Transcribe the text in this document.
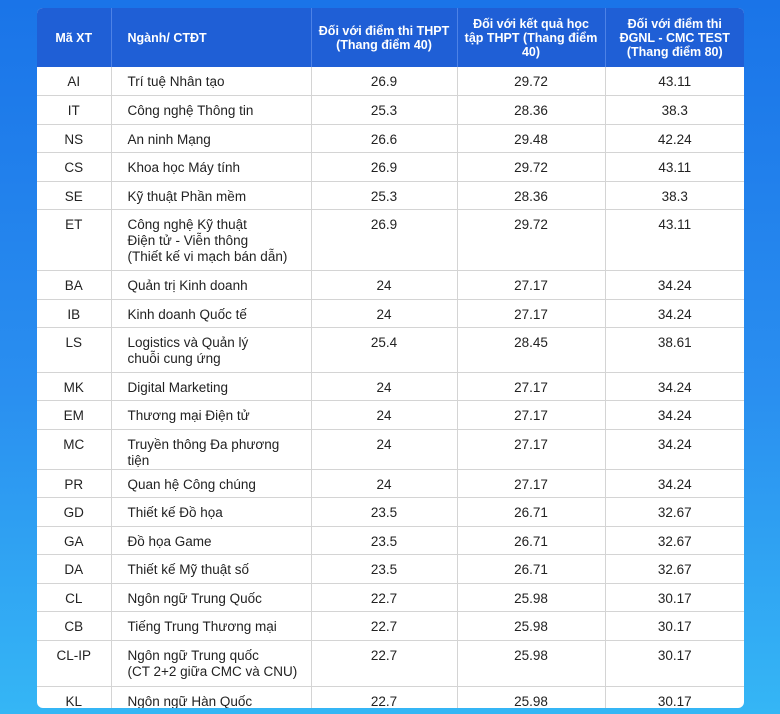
Mã XT	Ngành/ CTĐT	Đối với điểm thi THPT (Thang điểm 40)	Đối với kết quả học tập THPT (Thang điểm 40)	Đối với điểm thi ĐGNL - CMC TEST (Thang điểm 80)
AI	Trí tuệ Nhân tạo	26.9	29.72	43.11
IT	Công nghệ Thông tin	25.3	28.36	38.3
NS	An ninh Mạng	26.6	29.48	42.24
CS	Khoa học Máy tính	26.9	29.72	43.11
SE	Kỹ thuật Phần mềm	25.3	28.36	38.3
ET	Công nghệ Kỹ thuật
Điện tử - Viễn thông
(Thiết kế vi mạch bán dẫn)	26.9	29.72	43.11
BA	Quản trị Kinh doanh	24	27.17	34.24
IB	Kinh doanh Quốc tế	24	27.17	34.24
LS	Logistics và Quản lý
chuỗi cung ứng	25.4	28.45	38.61
MK	Digital Marketing	24	27.17	34.24
EM	Thương mại Điện tử	24	27.17	34.24
MC	Truyền thông Đa phương tiện	24	27.17	34.24
PR	Quan hệ Công chúng	24	27.17	34.24
GD	Thiết kế Đồ họa	23.5	26.71	32.67
GA	Đồ họa Game	23.5	26.71	32.67
DA	Thiết kế Mỹ thuật số	23.5	26.71	32.67
CL	Ngôn ngữ Trung Quốc	22.7	25.98	30.17
CB	Tiếng Trung Thương mại	22.7	25.98	30.17
CL-IP	Ngôn ngữ Trung quốc
(CT 2+2 giữa CMC và CNU)	22.7	25.98	30.17
KL	Ngôn ngữ Hàn Quốc	22.7	25.98	30.17
